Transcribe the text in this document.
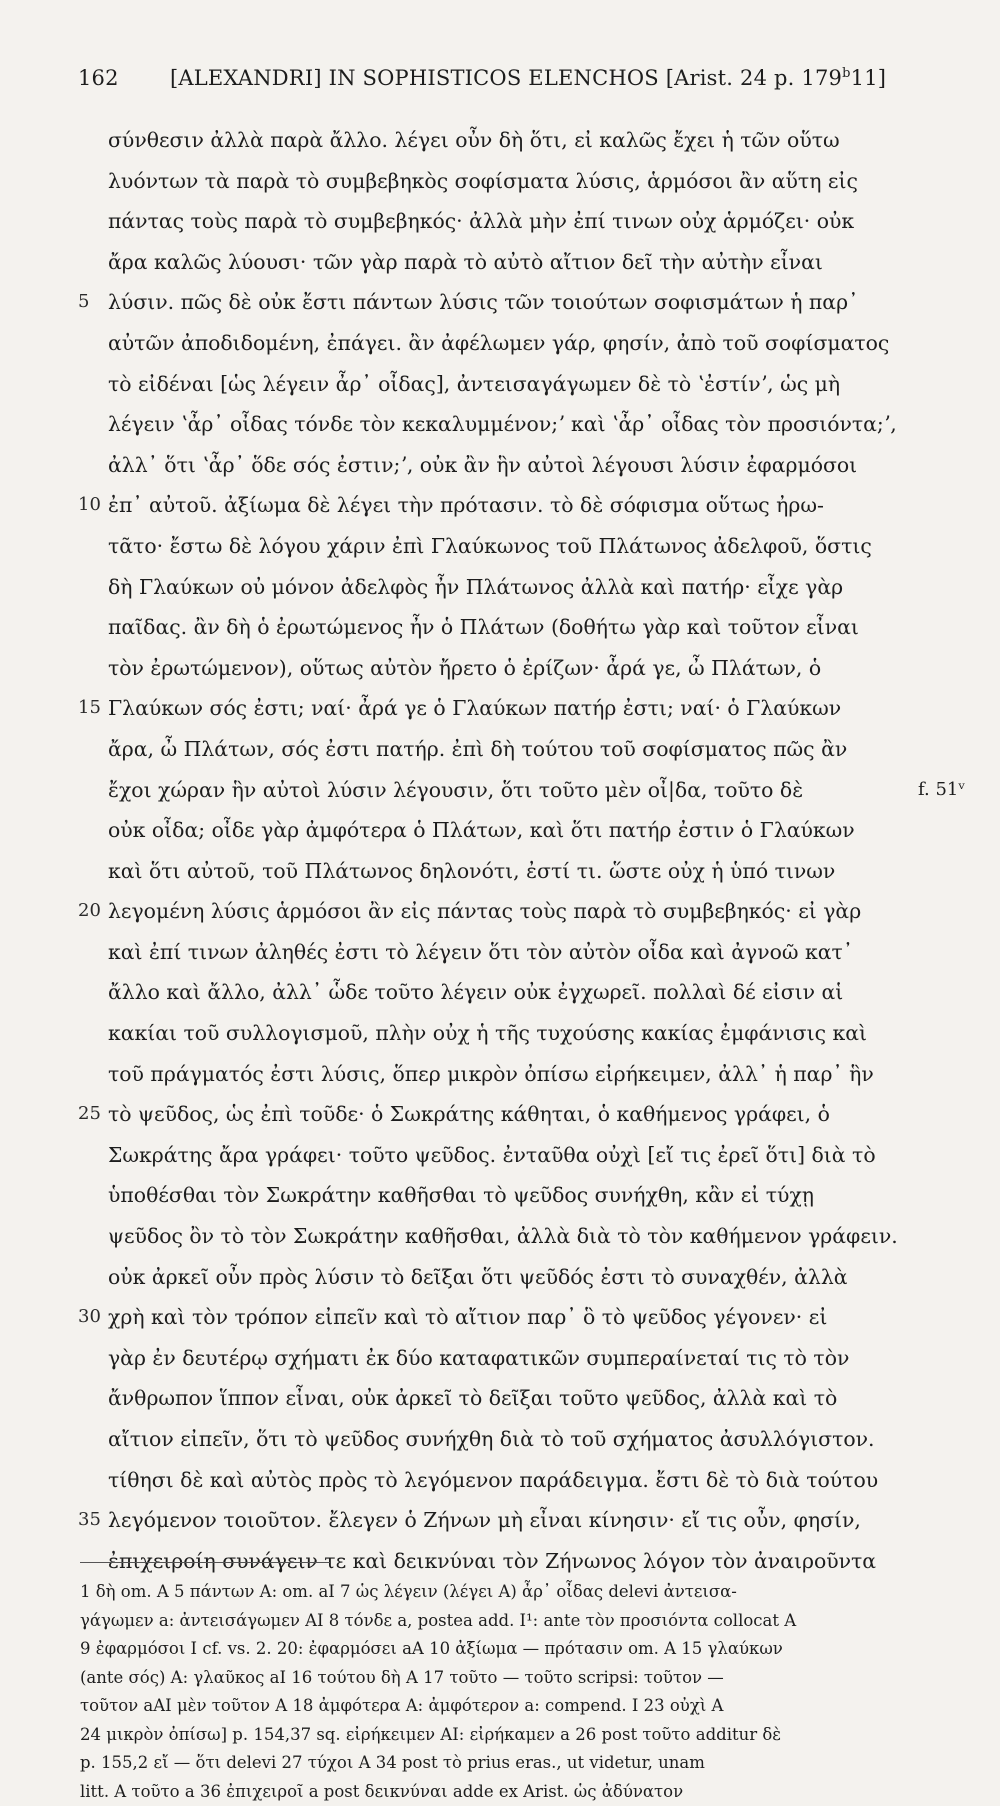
162 [ALEXANDRI] IN SOPHISTICOS ELENCHOS [Arist. 24 p. 179$^b$11]
σύνθεσιν ἀλλὰ παρὰ ἄλλο. λέγει οὖν δὴ ὅτι, εἰ καλῶς ἔχει ἡ τῶν οὕτω
λυόντων τὰ παρὰ τὸ συμβεβηκὸς σοφίσματα λύσις, ἁρμόσοι ἂν αὕτη εἰς
πάντας τοὺς παρὰ τὸ συμβεβηκός· ἀλλὰ μὴν ἐπί τινων οὐχ ἁρμόζει· οὐκ
ἄρα καλῶς λύουσι· τῶν γὰρ παρὰ τὸ αὐτὸ αἴτιον δεῖ τὴν αὐτὴν εἶναι
5 λύσιν. πῶς δὲ οὐκ ἔστι πάντων λύσις τῶν τοιούτων σοφισμάτων ἡ παρ᾽
αὐτῶν ἀποδιδομένη, ἐπάγει. ἂν ἀφέλωμεν γάρ, φησίν, ἀπὸ τοῦ σοφίσματος
τὸ εἰδέναι [ὡς λέγειν ἆρ᾽ οἶδας], ἀντεισαγάγωμεν δὲ τὸ ʽἐστίνʼ, ὡς μὴ
λέγειν ʽἆρ᾽ οἶδας τόνδε τὸν κεκαλυμμένον;ʼ καὶ ʽἆρ᾽ οἶδας τὸν προσιόντα;ʼ,
ἀλλ᾽ ὅτι ʽἆρ᾽ ὅδε σός ἐστιν;ʼ, οὐκ ἂν ἣν αὐτοὶ λέγουσι λύσιν ἐφαρμόσοι
10 ἐπ᾽ αὐτοῦ. ἀξίωμα δὲ λέγει τὴν πρότασιν. τὸ δὲ σόφισμα οὕτως ἠρω-
τᾶτο· ἔστω δὲ λόγου χάριν ἐπὶ Γλαύκωνος τοῦ Πλάτωνος ἀδελφοῦ, ὅστις
δὴ Γλαύκων οὐ μόνον ἀδελφὸς ἦν Πλάτωνος ἀλλὰ καὶ πατήρ· εἶχε γὰρ
παῖδας. ἂν δὴ ὁ ἐρωτώμενος ἦν ὁ Πλάτων (δοθήτω γὰρ καὶ τοῦτον εἶναι
τὸν ἐρωτώμενον), οὕτως αὐτὸν ἤρετο ὁ ἐρίζων· ἆρά γε, ὦ Πλάτων, ὁ
15 Γλαύκων σός ἐστι; ναί· ἆρά γε ὁ Γλαύκων πατήρ ἐστι; ναί· ὁ Γλαύκων
ἄρα, ὦ Πλάτων, σός ἐστι πατήρ. ἐπὶ δὴ τούτου τοῦ σοφίσματος πῶς ἂν
ἔχοι χώραν ἣν αὐτοὶ λύσιν λέγουσιν, ὅτι τοῦτο μὲν οἶ|δα, τοῦτο δὲ	f. 51ᵛ
οὐκ οἶδα; οἶδε γὰρ ἀμφότερα ὁ Πλάτων, καὶ ὅτι πατήρ ἐστιν ὁ Γλαύκων
καὶ ὅτι αὐτοῦ, τοῦ Πλάτωνος δηλονότι, ἐστί τι. ὥστε οὐχ ἡ ὑπό τινων
20 λεγομένη λύσις ἁρμόσοι ἂν εἰς πάντας τοὺς παρὰ τὸ συμβεβηκός· εἰ γὰρ
καὶ ἐπί τινων ἀληθές ἐστι τὸ λέγειν ὅτι τὸν αὐτὸν οἶδα καὶ ἀγνοῶ κατ᾽
ἄλλο καὶ ἄλλο, ἀλλ᾽ ὧδε τοῦτο λέγειν οὐκ ἐγχωρεῖ. πολλαὶ δέ εἰσιν αἱ
κακίαι τοῦ συλλογισμοῦ, πλὴν οὐχ ἡ τῆς τυχούσης κακίας ἐμφάνισις καὶ
τοῦ πράγματός ἐστι λύσις, ὅπερ μικρὸν ὀπίσω εἰρήκειμεν, ἀλλ᾽ ἡ παρ᾽ ἣν
25 τὸ ψεῦδος, ὡς ἐπὶ τοῦδε· ὁ Σωκράτης κάθηται, ὁ καθήμενος γράφει, ὁ
Σωκράτης ἄρα γράφει· τοῦτο ψεῦδος. ἐνταῦθα οὐχὶ [εἴ τις ἐρεῖ ὅτι] διὰ τὸ
ὑποθέσθαι τὸν Σωκράτην καθῆσθαι τὸ ψεῦδος συνήχθη, κἂν εἰ τύχῃ
ψεῦδος ὂν τὸ τὸν Σωκράτην καθῆσθαι, ἀλλὰ διὰ τὸ τὸν καθήμενον γράφειν.
οὐκ ἀρκεῖ οὖν πρὸς λύσιν τὸ δεῖξαι ὅτι ψεῦδός ἐστι τὸ συναχθέν, ἀλλὰ
30 χρὴ καὶ τὸν τρόπον εἰπεῖν καὶ τὸ αἴτιον παρ᾽ ὃ τὸ ψεῦδος γέγονεν· εἰ
γὰρ ἐν δευτέρῳ σχήματι ἐκ δύο καταφατικῶν συμπεραίνεταί τις τὸ τὸν
ἄνθρωπον ἵππον εἶναι, οὐκ ἀρκεῖ τὸ δεῖξαι τοῦτο ψεῦδος, ἀλλὰ καὶ τὸ
αἴτιον εἰπεῖν, ὅτι τὸ ψεῦδος συνήχθη διὰ τὸ τοῦ σχήματος ἀσυλλόγιστον.
τίθησι δὲ καὶ αὐτὸς πρὸς τὸ λεγόμενον παράδειγμα. ἔστι δὲ τὸ διὰ τούτου
35 λεγόμενον τοιοῦτον. ἔλεγεν ὁ Ζήνων μὴ εἶναι κίνησιν· εἴ τις οὖν, φησίν,
ἐπιχειροίη συνάγειν τε καὶ δεικνύναι τὸν Ζήνωνος λόγον τὸν ἀναιροῦντα
1 δὴ om. A 5 πάντων A: om. aI 7 ὡς λέγειν (λέγει A) ἆρ᾽ οἶδας delevi ἀντεισα-
γάγωμεν a: ἀντεισάγωμεν AI 8 τόνδε a, postea add. I¹: ante τὸν προσιόντα collocat A
9 ἐφαρμόσοι I cf. vs. 2. 20: ἐφαρμόσει aA 10 ἀξίωμα — πρότασιν om. A 15 γλαύκων
(ante σός) A: γλαῦκος aI 16 τούτου δὴ A 17 τοῦτο — τοῦτο scripsi: τοῦτον —
τοῦτον aAI μὲν τοῦτον A 18 ἀμφότερα A: ἀμφότερον a: compend. I 23 οὐχὶ A
24 μικρὸν ὀπίσω] p. 154,37 sq. εἰρήκειμεν AI: εἰρήκαμεν a 26 post τοῦτο additur δὲ
p. 155,2 εἴ — ὅτι delevi 27 τύχοι A 34 post τὸ prius eras., ut videtur, unam
litt. A τοῦτο a 36 ἐπιχειροῖ a post δεικνύναι adde ex Arist. ὡς ἀδύνατον
